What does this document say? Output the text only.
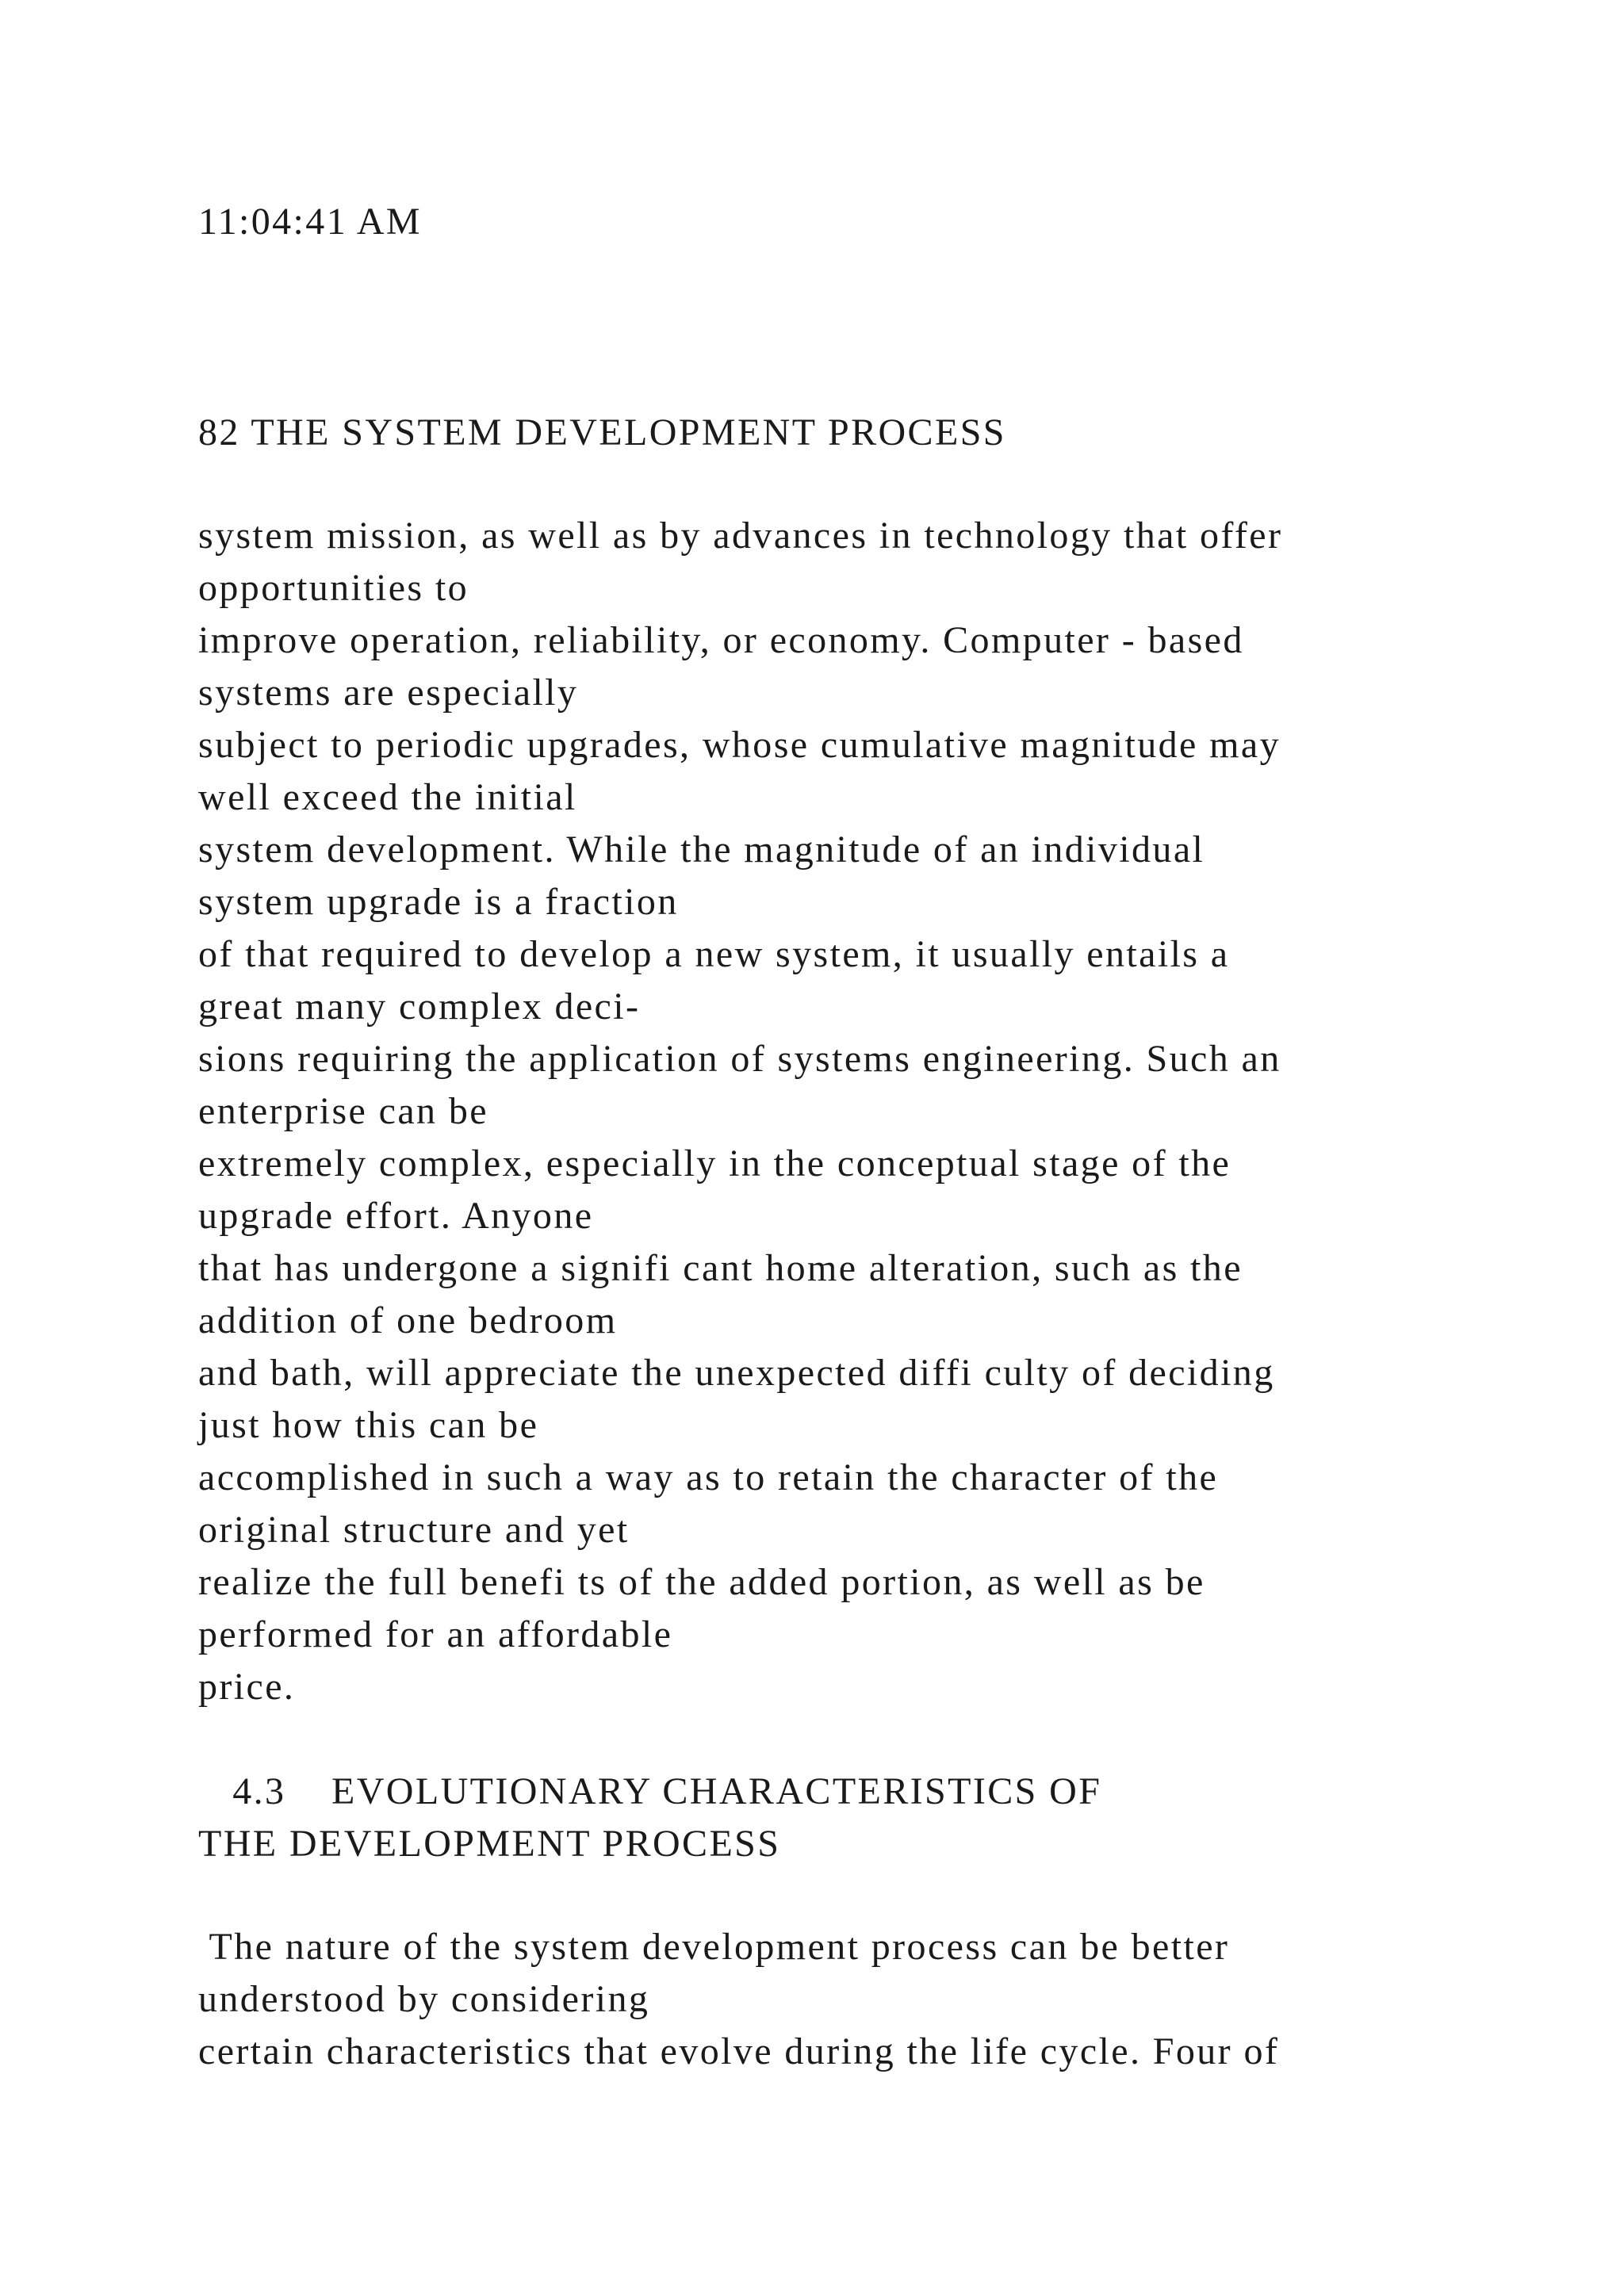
11:04:41 AM
82 THE SYSTEM DEVELOPMENT PROCESS
system mission, as well as by advances in technology that offer
opportunities to
improve operation, reliability, or economy. Computer - based
systems are especially
subject to periodic upgrades, whose cumulative magnitude may
well exceed the initial
system development. While the magnitude of an individual
system upgrade is a fraction
of that required to develop a new system, it usually entails a
great many complex deci-
sions requiring the application of systems engineering. Such an
enterprise can be
extremely complex, especially in the conceptual stage of the
upgrade effort. Anyone
that has undergone a signifi cant home alteration, such as the
addition of one bedroom
and bath, will appreciate the unexpected diffi culty of deciding
just how this can be
accomplished in such a way as to retain the character of the
original structure and yet
realize the full benefi ts of the added portion, as well as be
performed for an affordable
price.
4.3    EVOLUTIONARY CHARACTERISTICS OF
THE DEVELOPMENT PROCESS
The nature of the system development process can be better
understood by considering
certain characteristics that evolve during the life cycle. Four of
